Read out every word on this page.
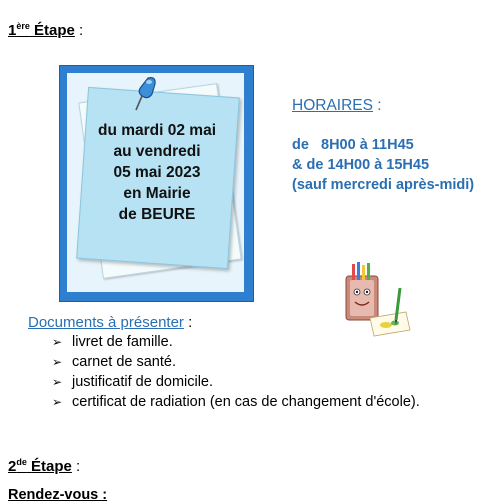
1ère Étape :
du mardi 02 mai
au vendredi
05 mai 2023
en Mairie
de BEURE
HORAIRES :
de   8H00 à 11H45
& de 14H00 à 15H45
(sauf mercredi après-midi)
Documents à présenter :
➢ livret de famille.
➢ carnet de santé.
➢ justificatif de domicile.
➢ certificat de radiation (en cas de changement d'école).
2de Étape :
Rendez-vous :
